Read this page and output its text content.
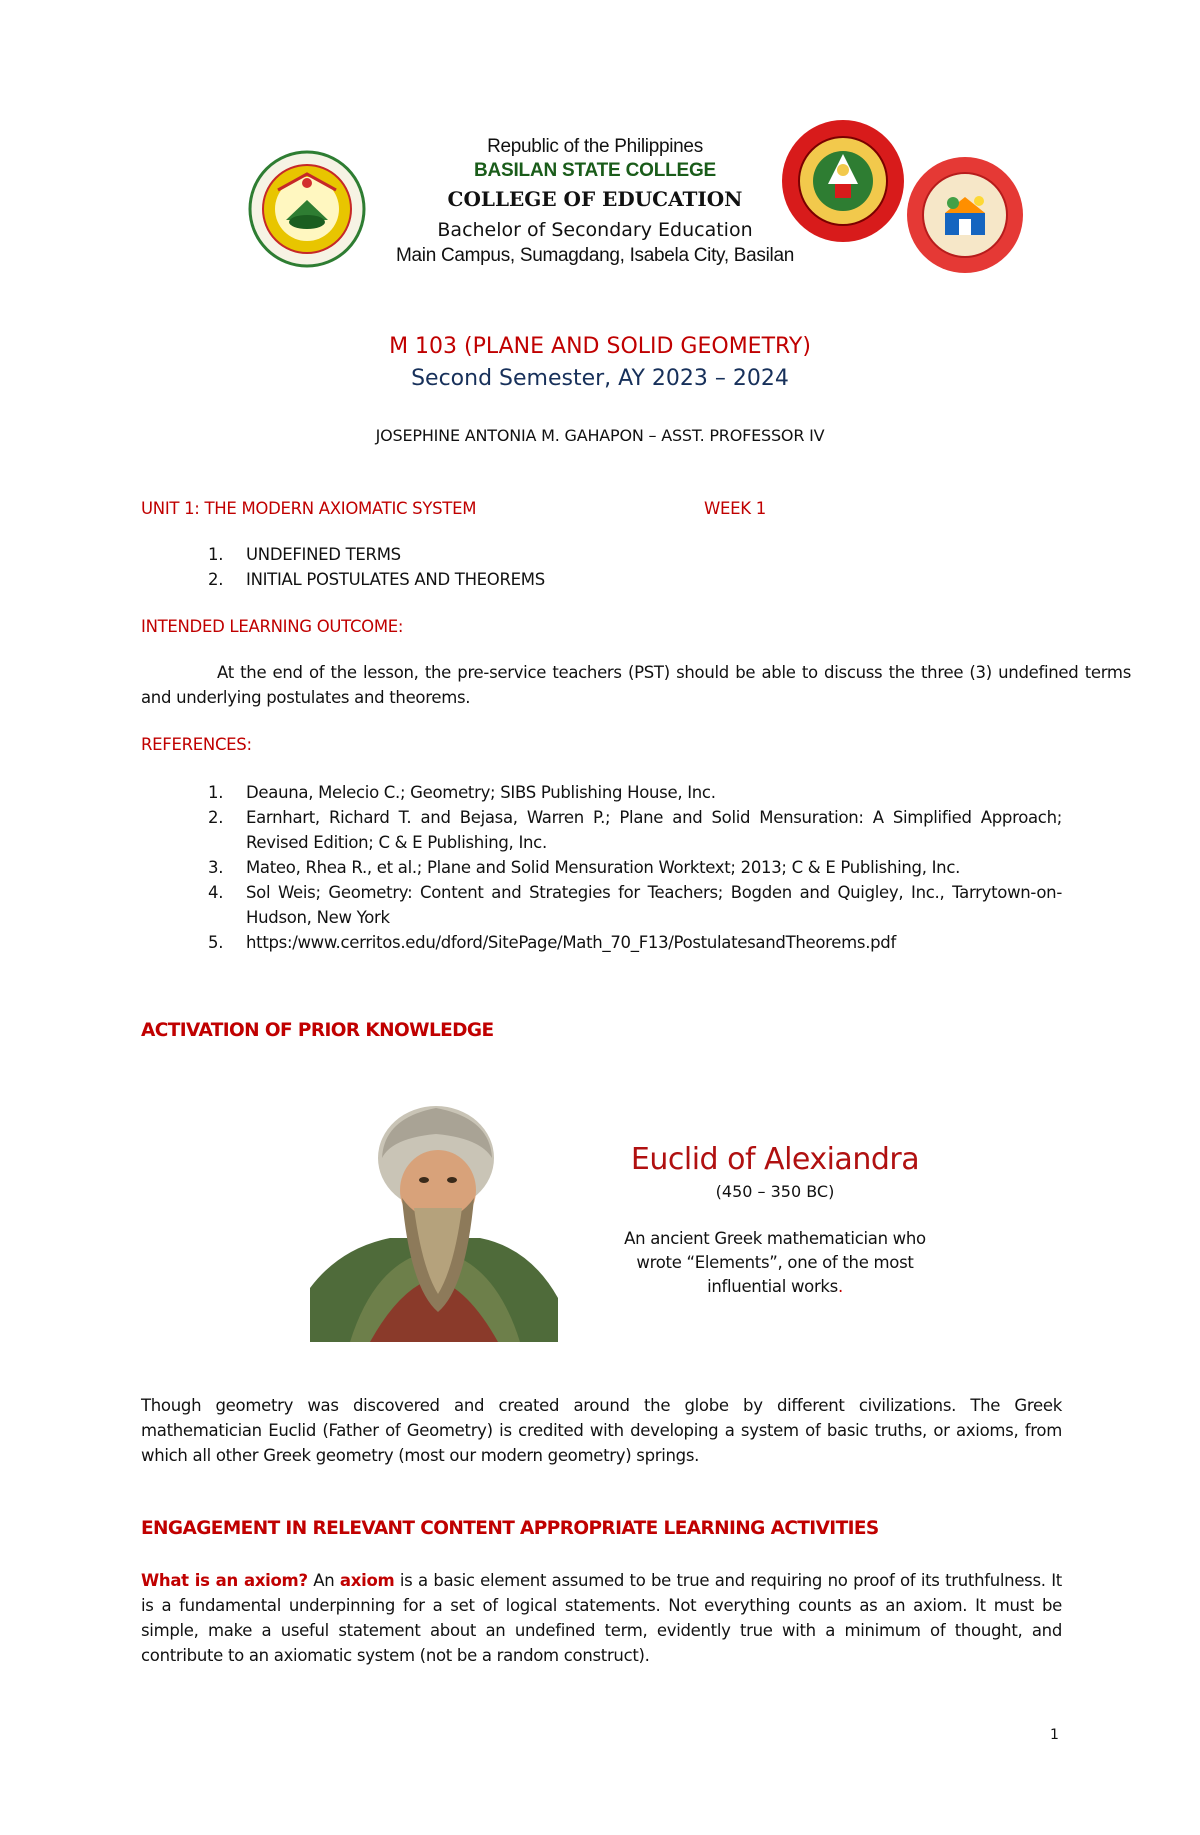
Republic of the Philippines
BASILAN STATE COLLEGE
COLLEGE OF EDUCATION
Bachelor of Secondary Education
Main Campus, Sumagdang, Isabela City, Basilan
M 103 (PLANE AND SOLID GEOMETRY)
Second Semester, AY 2023 – 2024
JOSEPHINE ANTONIA M. GAHAPON – ASST. PROFESSOR IV
UNIT 1: THE MODERN AXIOMATIC SYSTEM	WEEK 1
1. UNDEFINED TERMS
2. INITIAL POSTULATES AND THEOREMS
INTENDED LEARNING OUTCOME:
At the end of the lesson, the pre-service teachers (PST) should be able to discuss the three (3) undefined terms and underlying postulates and theorems.
REFERENCES:
1. Deauna, Melecio C.; Geometry; SIBS Publishing House, Inc.
2. Earnhart, Richard T. and Bejasa, Warren P.; Plane and Solid Mensuration: A Simplified Approach; Revised Edition; C & E Publishing, Inc.
3. Mateo, Rhea R., et al.; Plane and Solid Mensuration Worktext; 2013; C & E Publishing, Inc.
4. Sol Weis; Geometry: Content and Strategies for Teachers; Bogden and Quigley, Inc., Tarrytown-on-Hudson, New York
5. https:/www.cerritos.edu/dford/SitePage/Math_70_F13/PostulatesandTheorems.pdf
ACTIVATION OF PRIOR KNOWLEDGE
Euclid of Alexiandra
(450 – 350 BC)
An ancient Greek mathematician who wrote “Elements”, one of the most influential works.
Though geometry was discovered and created around the globe by different civilizations. The Greek mathematician Euclid (Father of Geometry) is credited with developing a system of basic truths, or axioms, from which all other Greek geometry (most our modern geometry) springs.
ENGAGEMENT IN RELEVANT CONTENT APPROPRIATE LEARNING ACTIVITIES
What is an axiom? An axiom is a basic element assumed to be true and requiring no proof of its truthfulness. It is a fundamental underpinning for a set of logical statements. Not everything counts as an axiom. It must be simple, make a useful statement about an undefined term, evidently true with a minimum of thought, and contribute to an axiomatic system (not be a random construct).
1
